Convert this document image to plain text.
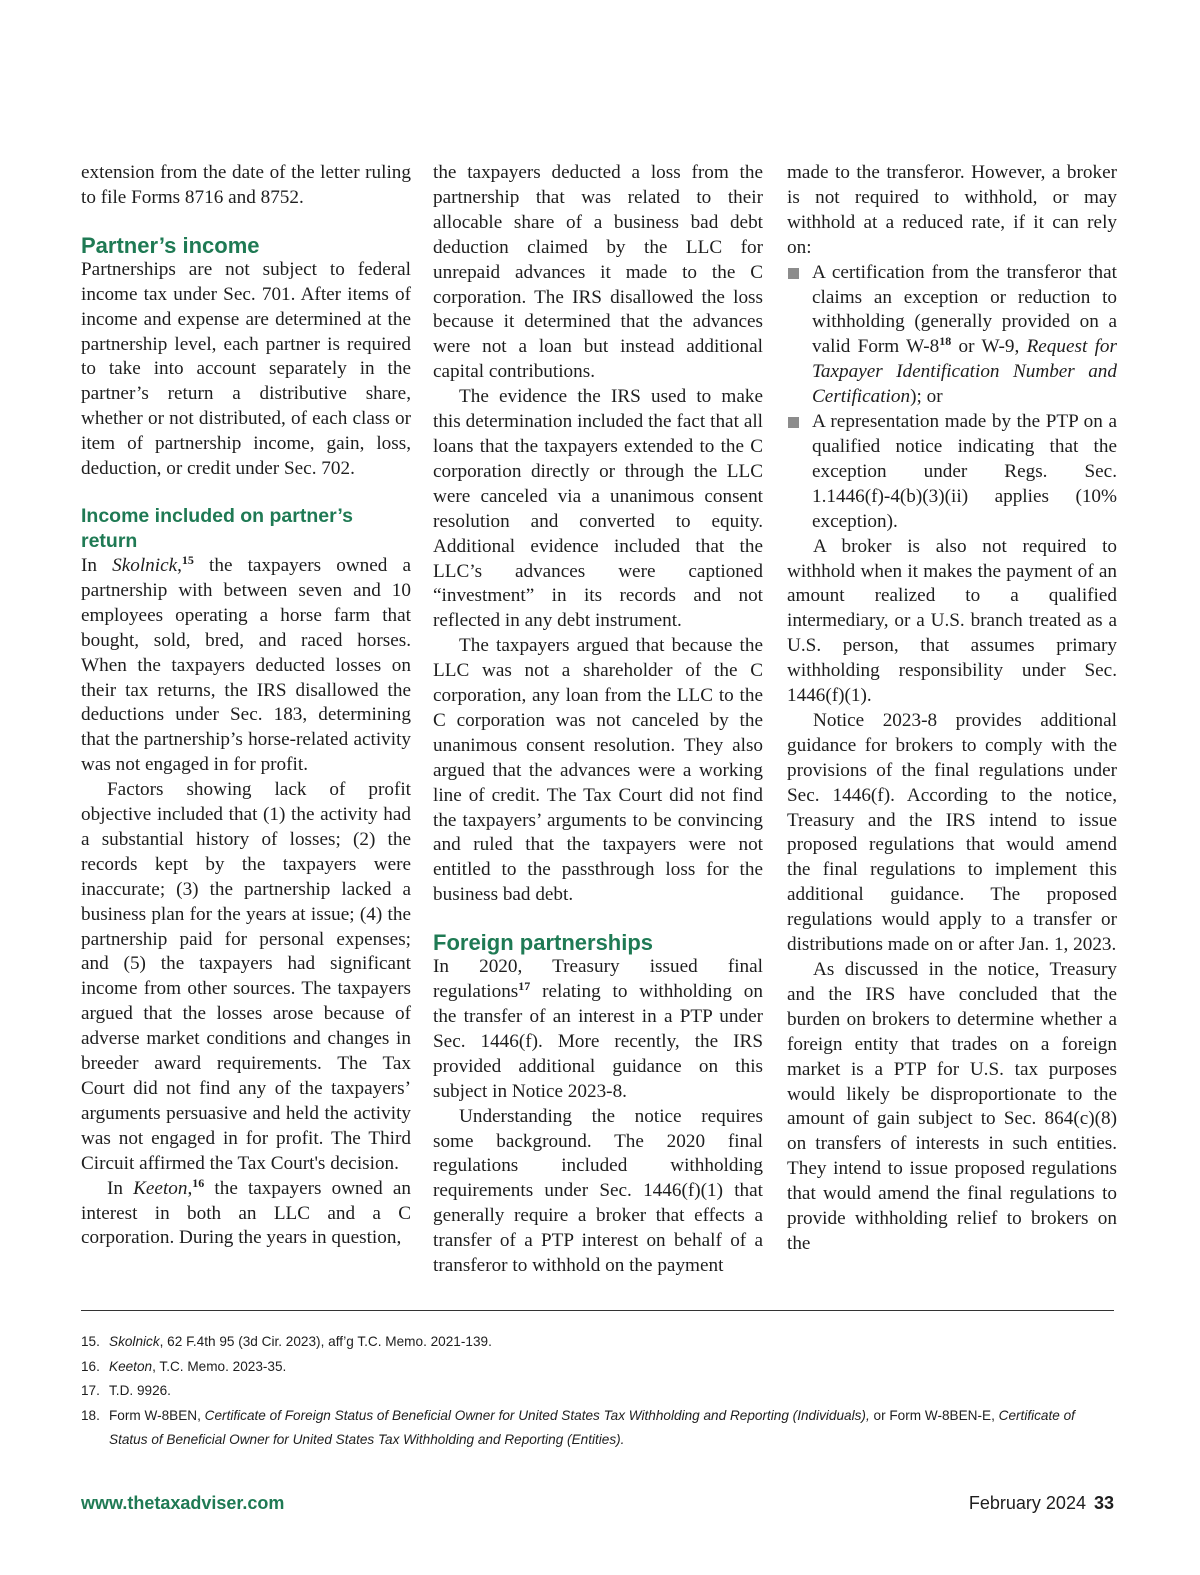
extension from the date of the letter ruling to file Forms 8716 and 8752.

Partner’s income

Partnerships are not subject to federal income tax under Sec. 701. After items of income and expense are determined at the partnership level, each partner is required to take into account separately in the partner’s return a distributive share, whether or not distributed, of each class or item of partnership income, gain, loss, deduction, or credit under Sec. 702.

Income included on partner’s return

In Skolnick,$^{15}$ the taxpayers owned a partnership with between seven and 10 employees operating a horse farm that bought, sold, bred, and raced horses. When the taxpayers deducted losses on their tax returns, the IRS disallowed the deductions under Sec. 183, determining that the partnership’s horse-related activity was not engaged in for profit.

Factors showing lack of profit objective included that (1) the activity had a substantial history of losses; (2) the records kept by the taxpayers were inaccurate; (3) the partnership lacked a business plan for the years at issue; (4) the partnership paid for personal expenses; and (5) the taxpayers had significant income from other sources. The taxpayers argued that the losses arose because of adverse market conditions and changes in breeder award requirements. The Tax Court did not find any of the taxpayers’ arguments persuasive and held the activity was not engaged in for profit. The Third Circuit affirmed the Tax Court's decision.

In Keeton,$^{16}$ the taxpayers owned an interest in both an LLC and a C corporation. During the years in question,

the taxpayers deducted a loss from the partnership that was related to their allocable share of a business bad debt deduction claimed by the LLC for unrepaid advances it made to the C corporation. The IRS disallowed the loss because it determined that the advances were not a loan but instead additional capital contributions.

The evidence the IRS used to make this determination included the fact that all loans that the taxpayers extended to the C corporation directly or through the LLC were canceled via a unanimous consent resolution and converted to equity. Additional evidence included that the LLC’s advances were captioned “investment” in its records and not reflected in any debt instrument.

The taxpayers argued that because the LLC was not a shareholder of the C corporation, any loan from the LLC to the C corporation was not canceled by the unanimous consent resolution. They also argued that the advances were a working line of credit. The Tax Court did not find the taxpayers’ arguments to be convincing and ruled that the taxpayers were not entitled to the passthrough loss for the business bad debt.

Foreign partnerships

In 2020, Treasury issued final regulations$^{17}$ relating to withholding on the transfer of an interest in a PTP under Sec. 1446(f). More recently, the IRS provided additional guidance on this subject in Notice 2023-8.

Understanding the notice requires some background. The 2020 final regulations included withholding requirements under Sec. 1446(f)(1) that generally require a broker that effects a transfer of a PTP interest on behalf of a transferor to withhold on the payment

made to the transferor. However, a broker is not required to withhold, or may withhold at a reduced rate, if it can rely on:

A certification from the transferor that claims an exception or reduction to withholding (generally provided on a valid Form $W-8^{18}$ or W-9, Request for Taxpayer Identification Number and Certification); or
A representation made by the PTP on a qualified notice indicating that the exception under Regs. Sec. 1.1446(f)-4(b)(3)(ii) applies (10% exception).

A broker is also not required to withhold when it makes the payment of an amount realized to a qualified intermediary, or a U.S. branch treated as a U.S. person, that assumes primary withholding responsibility under Sec. 1446(f)(1).

Notice 2023-8 provides additional guidance for brokers to comply with the provisions of the final regulations under Sec. 1446(f). According to the notice, Treasury and the IRS intend to issue proposed regulations that would amend the final regulations to implement this additional guidance. The proposed regulations would apply to a transfer or distributions made on or after Jan. 1, 2023.

As discussed in the notice, Treasury and the IRS have concluded that the burden on brokers to determine whether a foreign entity that trades on a foreign market is a PTP for U.S. tax purposes would likely be disproportionate to the amount of gain subject to Sec. 864(c)(8) on transfers of interests in such entities. They intend to issue proposed regulations that would amend the final regulations to provide withholding relief to brokers on the

15. Skolnick, 62 F.4th 95 (3d Cir. 2023), aff’g T.C. Memo. 2021-139.
16. Keeton, T.C. Memo. 2023-35.
17. T.D. 9926.
18. Form W-8BEN, Certificate of Foreign Status of Beneficial Owner for United States Tax Withholding and Reporting (Individuals), or Form W-8BEN-E, Certificate of Status of Beneficial Owner for United States Tax Withholding and Reporting (Entities).
www.thetaxadviser.com	February 2024 33
